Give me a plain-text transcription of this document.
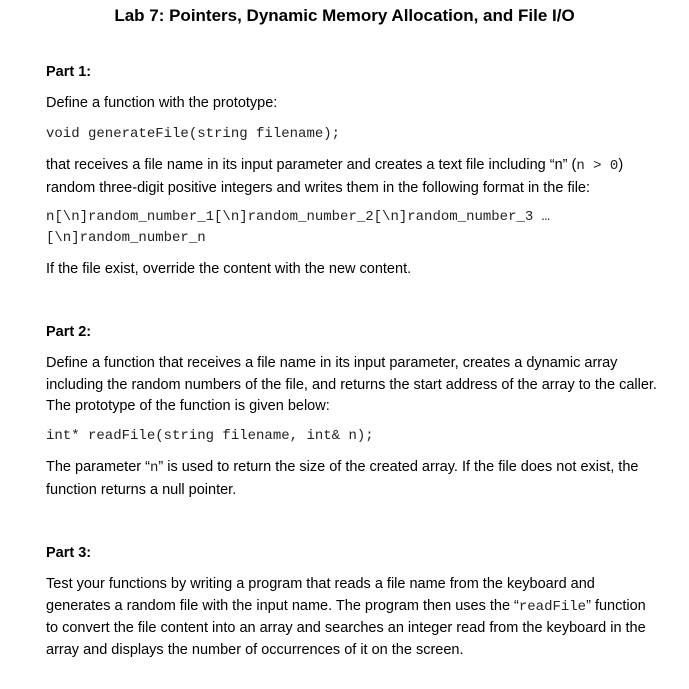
Lab 7: Pointers, Dynamic Memory Allocation, and File I/O
Part 1:
Define a function with the prototype:
void generateFile(string filename);
that receives a file name in its input parameter and creates a text file including “n” (n > 0) random three-digit positive integers and writes them in the following format in the file:
n[\n]random_number_1[\n]random_number_2[\n]random_number_3 …
[\n]random_number_n
If the file exist, override the content with the new content.
Part 2:
Define a function that receives a file name in its input parameter, creates a dynamic array including the random numbers of the file, and returns the start address of the array to the caller. The prototype of the function is given below:
int* readFile(string filename, int& n);
The parameter “n” is used to return the size of the created array. If the file does not exist, the function returns a null pointer.
Part 3:
Test your functions by writing a program that reads a file name from the keyboard and generates a random file with the input name. The program then uses the “readFile” function to convert the file content into an array and searches an integer read from the keyboard in the array and displays the number of occurrences of it on the screen.
